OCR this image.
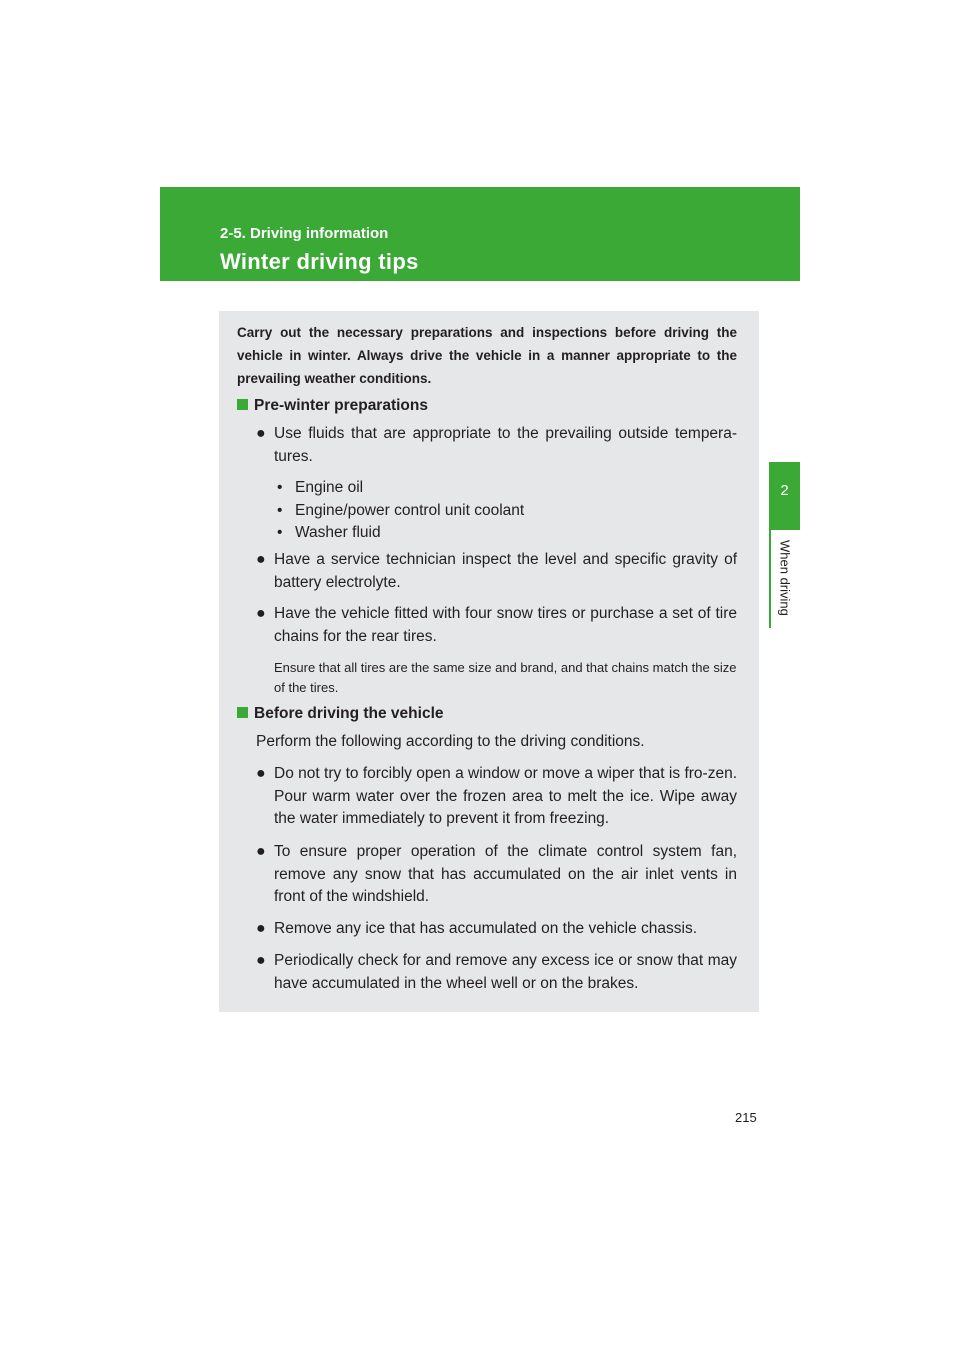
2-5. Driving information
Winter driving tips
2
When driving
Carry out the necessary preparations and inspections before driving the vehicle in winter. Always drive the vehicle in a manner appropriate to the prevailing weather conditions.
Pre-winter preparations
● Use fluids that are appropriate to the prevailing outside tempera-tures.
• Engine oil
• Engine/power control unit coolant
• Washer fluid
● Have a service technician inspect the level and specific gravity of battery electrolyte.
● Have the vehicle fitted with four snow tires or purchase a set of tire chains for the rear tires.
Ensure that all tires are the same size and brand, and that chains match the size of the tires.
Before driving the vehicle
Perform the following according to the driving conditions.
● Do not try to forcibly open a window or move a wiper that is fro-zen. Pour warm water over the frozen area to melt the ice. Wipe away the water immediately to prevent it from freezing.
● To ensure proper operation of the climate control system fan, remove any snow that has accumulated on the air inlet vents in front of the windshield.
● Remove any ice that has accumulated on the vehicle chassis.
● Periodically check for and remove any excess ice or snow that may have accumulated in the wheel well or on the brakes.
215
